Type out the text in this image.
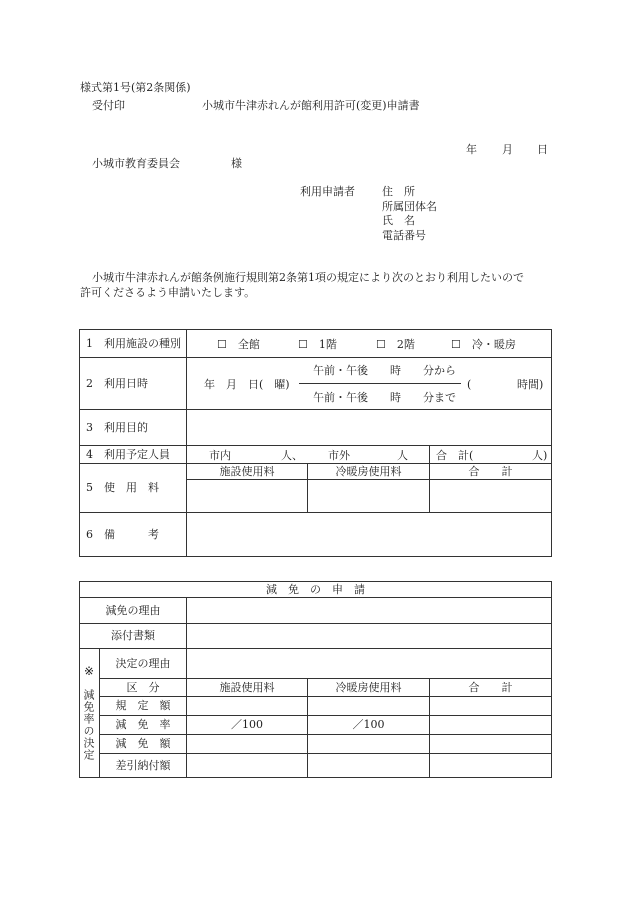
様式第1号(第2条関係)
受付印	小城市牛津赤れんが館利用許可(変更)申請書
年 月 日
小城市教育委員会	様
利用申請者 住　所
所属団体名
氏　名
電話番号
小城市牛津赤れんが館条例施行規則第2条第1項の規定により次のとおり利用したいので
許可くださるよう申請いたします。
1　利用施設の種別	☐　全館 ☐　1階 ☐　2階 ☐　冷・暖房		

2　利用日時	年　月　日(　曜)
午前・午後　　時　　分から
午前・午後　　時　　分まで
( 時間)		

3　利用目的			
4　利用予定人員	市内 人、 市外 人		合　計( 人)

5　使　用　料	施設使用料	冷暖房使用料	合　　計

6　備　　　考			
減　免　の　申　請				
減免の理由				
添付書類				

※
減免率の決定	決定の理由			
	区　分	施設使用料	冷暖房使用料	合　　計
	規　定　額			
	減　免　率	／100	／100	
	減　免　額			
	差引納付額			
